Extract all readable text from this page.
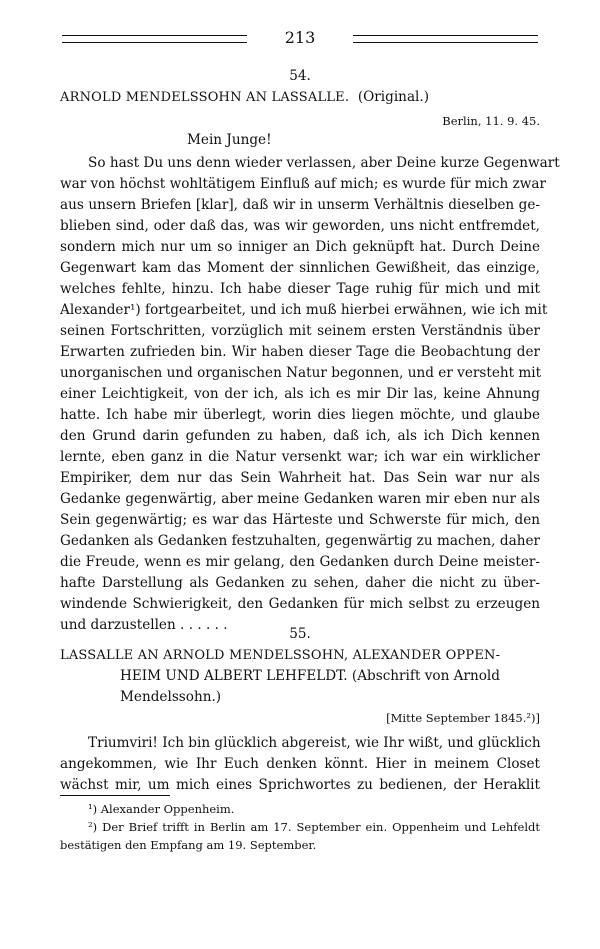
213
54.
ARNOLD MENDELSSOHN AN LASSALLE. (Original.)
Berlin, 11. 9. 45.
Mein Junge!
So hast Du uns denn wieder verlassen, aber Deine kurze Gegenwart
war von höchst wohltätigem Einfluß auf mich; es wurde für mich zwar
aus unsern Briefen [klar], daß wir in unserm Verhältnis dieselben ge-
blieben sind, oder daß das, was wir geworden, uns nicht entfremdet,
sondern mich nur um so inniger an Dich geknüpft hat. Durch Deine
Gegenwart kam das Moment der sinnlichen Gewißheit, das einzige,
welches fehlte, hinzu. Ich habe dieser Tage ruhig für mich und mit
Alexander¹) fortgearbeitet, und ich muß hierbei erwähnen, wie ich mit
seinen Fortschritten, vorzüglich mit seinem ersten Verständnis über
Erwarten zufrieden bin. Wir haben dieser Tage die Beobachtung der
unorganischen und organischen Natur begonnen, und er versteht mit
einer Leichtigkeit, von der ich, als ich es mir Dir las, keine Ahnung
hatte. Ich habe mir überlegt, worin dies liegen möchte, und glaube
den Grund darin gefunden zu haben, daß ich, als ich Dich kennen
lernte, eben ganz in die Natur versenkt war; ich war ein wirklicher
Empiriker, dem nur das Sein Wahrheit hat. Das Sein war nur als
Gedanke gegenwärtig, aber meine Gedanken waren mir eben nur als
Sein gegenwärtig; es war das Härteste und Schwerste für mich, den
Gedanken als Gedanken festzuhalten, gegenwärtig zu machen, daher
die Freude, wenn es mir gelang, den Gedanken durch Deine meister-
hafte Darstellung als Gedanken zu sehen, daher die nicht zu über-
windende Schwierigkeit, den Gedanken für mich selbst zu erzeugen
und darzustellen . . . . . .
55.
LASSALLE AN ARNOLD MENDELSSOHN, ALEXANDER OPPEN-
HEIM UND ALBERT LEHFELDT. (Abschrift von Arnold
Mendelssohn.)
[Mitte September 1845.²)]
Triumviri! Ich bin glücklich abgereist, wie Ihr wißt, und glücklich
angekommen, wie Ihr Euch denken könnt. Hier in meinem Closet
wächst mir, um mich eines Sprichwortes zu bedienen, der Heraklit
¹) Alexander Oppenheim.
²) Der Brief trifft in Berlin am 17. September ein. Oppenheim und Lehfeldt
bestätigen den Empfang am 19. September.
